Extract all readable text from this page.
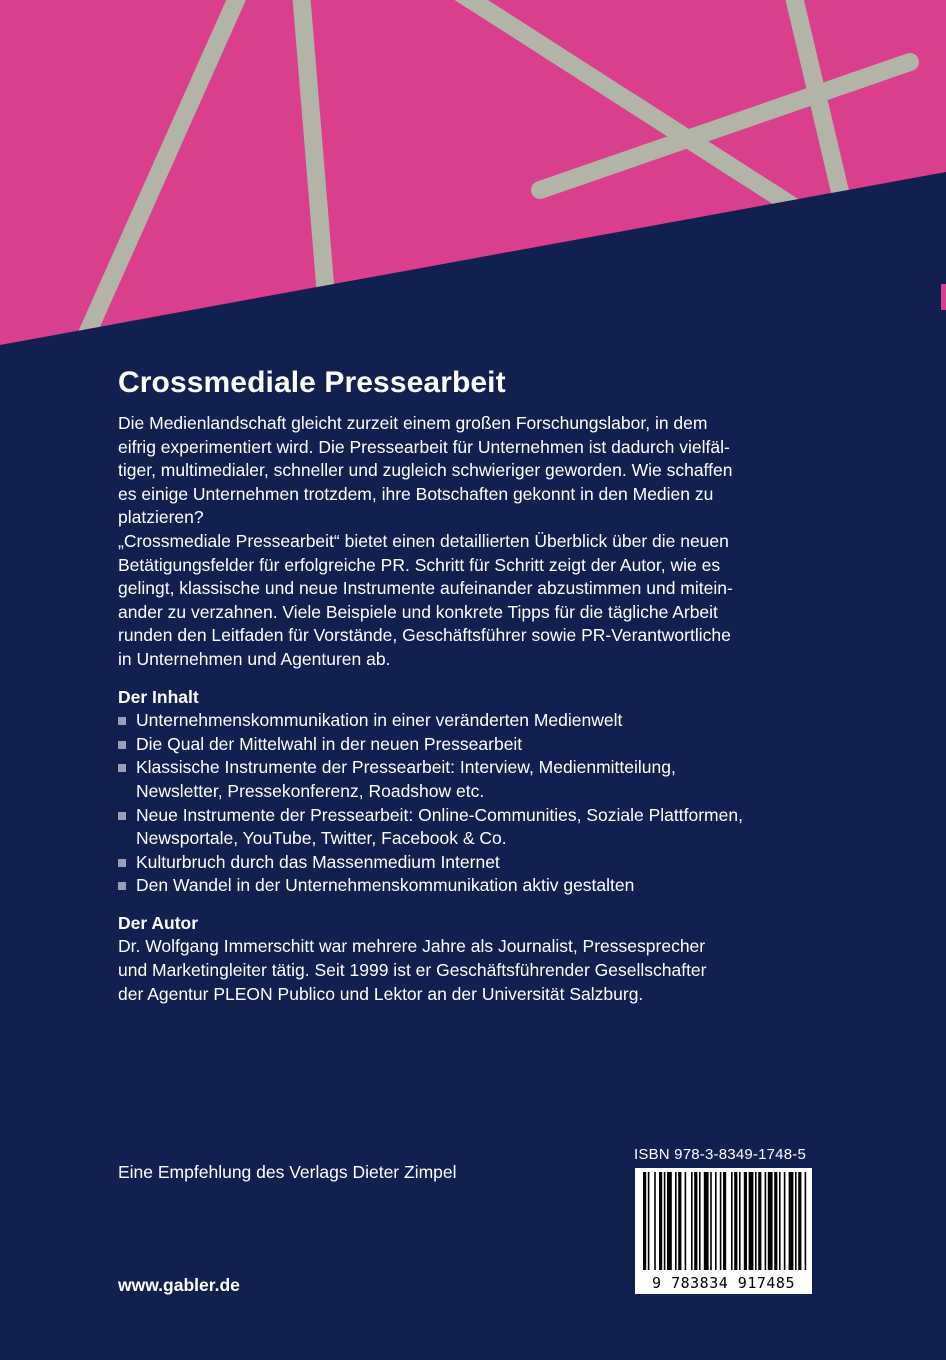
Crossmediale Pressearbeit

Die Medienlandschaft gleicht zurzeit einem großen Forschungslabor, in dem
eifrig experimentiert wird. Die Pressearbeit für Unternehmen ist dadurch vielfäl-
tiger, multimedialer, schneller und zugleich schwieriger geworden. Wie schaffen
es einige Unternehmen trotzdem, ihre Botschaften gekonnt in den Medien zu
platzieren?

„Crossmediale Pressearbeit“ bietet einen detaillierten Überblick über die neuen
Betätigungsfelder für erfolgreiche PR. Schritt für Schritt zeigt der Autor, wie es
gelingt, klassische und neue Instrumente aufeinander abzustimmen und mitein-
ander zu verzahnen. Viele Beispiele und konkrete Tipps für die tägliche Arbeit
runden den Leitfaden für Vorstände, Geschäftsführer sowie PR-Verantwortliche
in Unternehmen und Agenturen ab.

Der Inhalt
Unternehmenskommunikation in einer veränderten Medienwelt
Die Qual der Mittelwahl in der neuen Pressearbeit
Klassische Instrumente der Pressearbeit: Interview, Medienmitteilung,
Newsletter, Pressekonferenz, Roadshow etc.
Neue Instrumente der Pressearbeit: Online-Communities, Soziale Plattformen,
Newsportale, YouTube, Twitter, Facebook & Co.
Kulturbruch durch das Massenmedium Internet
Den Wandel in der Unternehmenskommunikation aktiv gestalten
Der Autor

Dr. Wolfgang Immerschitt war mehrere Jahre als Journalist, Pressesprecher
und Marketingleiter tätig. Seit 1999 ist er Geschäftsführender Gesellschafter
der Agentur PLEON Publico und Lektor an der Universität Salzburg.

Eine Empfehlung des Verlags Dieter Zimpel
www.gabler.de
ISBN 978-3-8349-1748-5
9 783834 917485
